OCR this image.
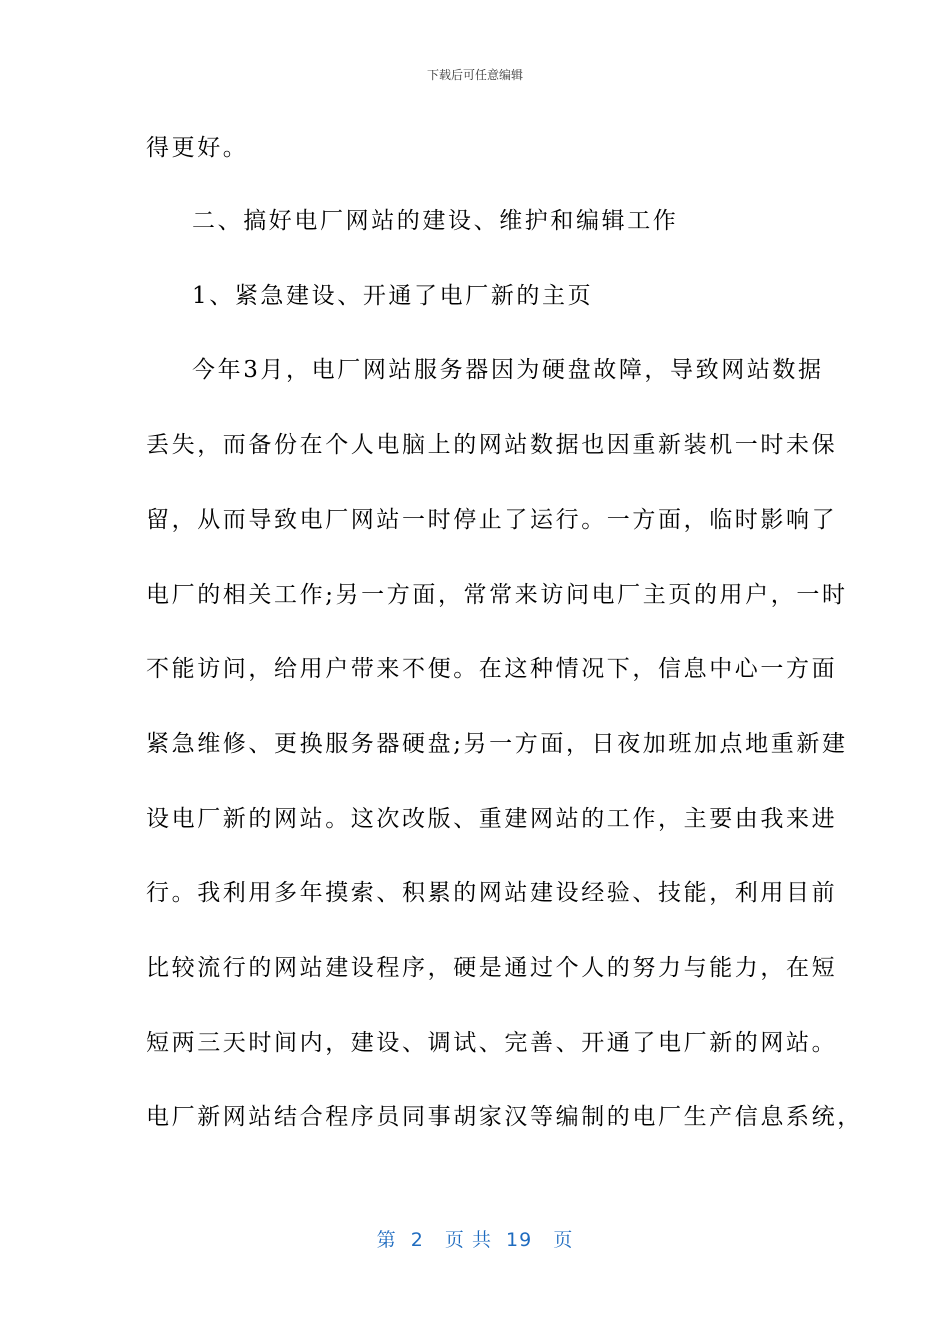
下载后可任意编辑
得更好。
二、搞好电厂网站的建设、维护和编辑工作
1、紧急建设、开通了电厂新的主页
今年3月，电厂网站服务器因为硬盘故障，导致网站数据
丢失，而备份在个人电脑上的网站数据也因重新装机一时未保
留，从而导致电厂网站一时停止了运行。一方面，临时影响了
电厂的相关工作;另一方面，常常来访问电厂主页的用户，一时
不能访问，给用户带来不便。在这种情况下，信息中心一方面
紧急维修、更换服务器硬盘;另一方面，日夜加班加点地重新建
设电厂新的网站。这次改版、重建网站的工作，主要由我来进
行。我利用多年摸索、积累的网站建设经验、技能，利用目前
比较流行的网站建设程序，硬是通过个人的努力与能力，在短
短两三天时间内，建设、调试、完善、开通了电厂新的网站。
电厂新网站结合程序员同事胡家汉等编制的电厂生产信息系统，
第  2   页 共  19   页
